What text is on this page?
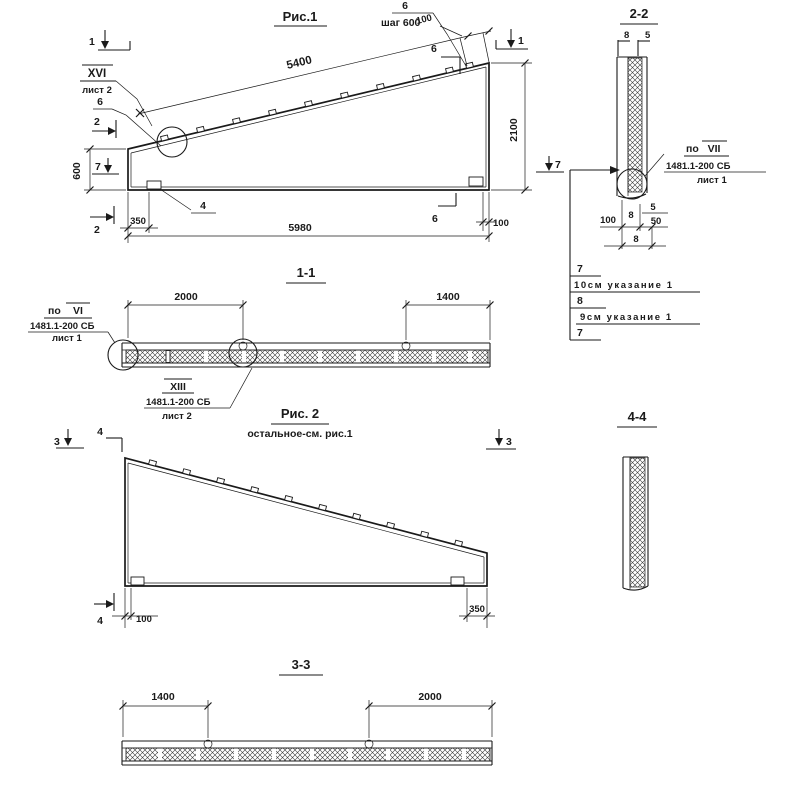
Рис.1
5400
100
6
шаг 600
2100
600
350
5980	100
XVI
лист 2
6
4
1	1
2
2
6
6
7	7
1-1
2000	1400
по VI
1481.1-200 СБ
лист 1
XIII
1481.1-200 СБ
лист 2
2-2
8 5
по VII
1481.1-200 СБ
лист 1
100 8
5
50
8
7
10см указание 1
8
9см указание 1
7
Рис. 2
остальное-см. рис.1
3
4
3
4	100
350
4-4
3-3
1400	2000
